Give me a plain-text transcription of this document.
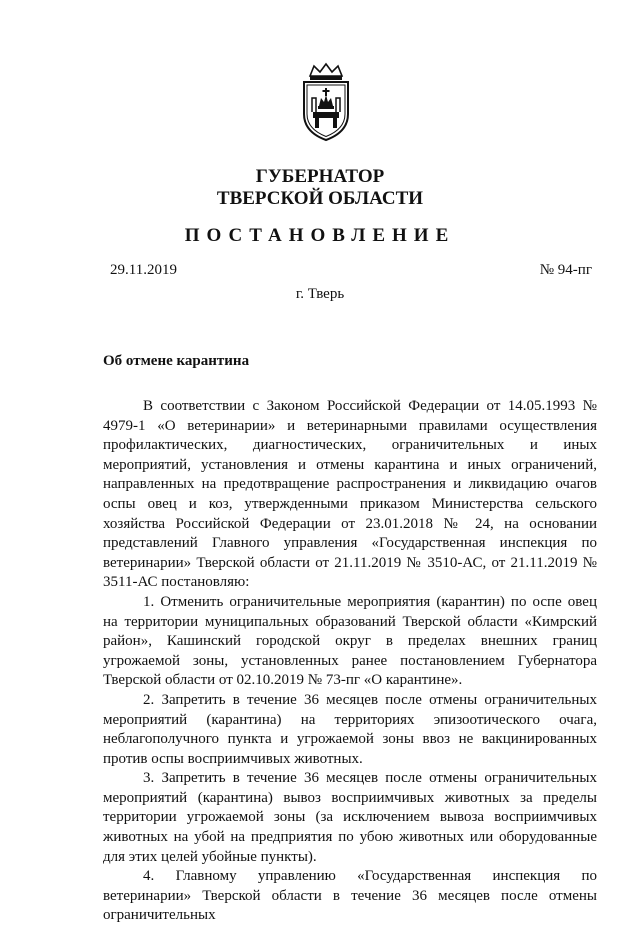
ГУБЕРНАТОР
ТВЕРСКОЙ ОБЛАСТИ
ПОСТАНОВЛЕНИЕ
29.11.2019	№ 94-пг
г. Тверь
Об отмене карантина

В соответствии с Законом Российской Федерации от 14.05.1993 № 4979-1 «О ветеринарии» и ветеринарными правилами осуществления профилактических, диагностических, ограничительных и иных мероприятий, установления и отмены карантина и иных ограничений, направленных на предотвращение распространения и ликвидацию очагов оспы овец и коз, утвержденными приказом Министерства сельского хозяйства Российской Федерации от 23.01.2018 № 24, на основании представлений Главного управления «Государственная инспекция по ветеринарии» Тверской области от 21.11.2019 № 3510-АС, от 21.11.2019 № 3511-АС постановляю:

1. Отменить ограничительные мероприятия (карантин) по оспе овец на территории муниципальных образований Тверской области «Кимрский район», Кашинский городской округ в пределах внешних границ угрожаемой зоны, установленных ранее постановлением Губернатора Тверской области от 02.10.2019 № 73-пг «О карантине».

2. Запретить в течение 36 месяцев после отмены ограничительных мероприятий (карантина) на территориях эпизоотического очага, неблагополучного пункта и угрожаемой зоны ввоз не вакцинированных против оспы восприимчивых животных.

3. Запретить в течение 36 месяцев после отмены ограничительных мероприятий (карантина) вывоз восприимчивых животных за пределы территории угрожаемой зоны (за исключением вывоза восприимчивых животных на убой на предприятия по убою животных или оборудованные для этих целей убойные пункты).

4. Главному управлению «Государственная инспекция по ветеринарии» Тверской области в течение 36 месяцев после отмены ограничительных
